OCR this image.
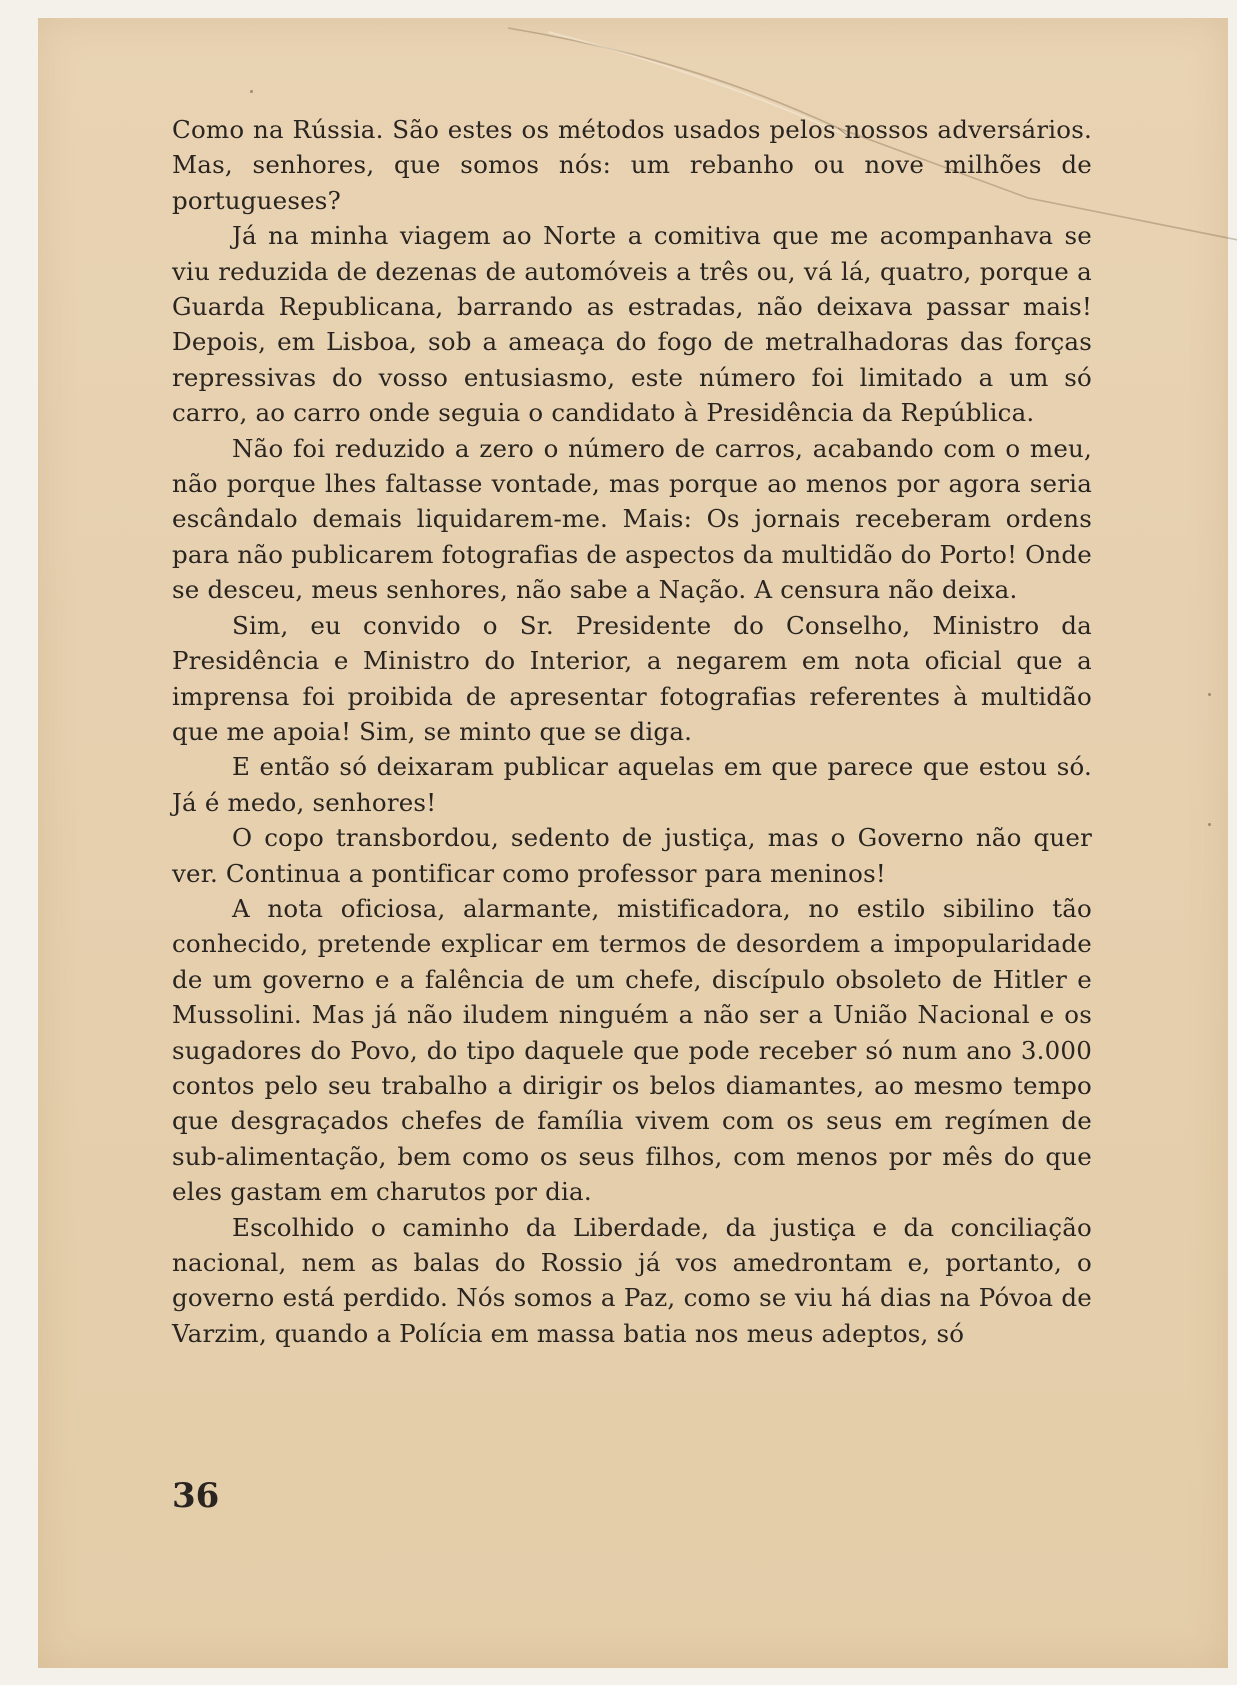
Como na Rússia. São estes os métodos usados pelos nossos adversários. Mas, senhores, que somos nós: um rebanho ou nove milhões de portugueses?

Já na minha viagem ao Norte a comitiva que me acompanhava se viu reduzida de dezenas de automóveis a três ou, vá lá, quatro, porque a Guarda Republicana, barrando as estradas, não deixava passar mais! Depois, em Lisboa, sob a ameaça do fogo de metralhadoras das forças repressivas do vosso entusiasmo, este número foi limitado a um só carro, ao carro onde seguia o candidato à Presidência da República.

Não foi reduzido a zero o número de carros, acabando com o meu, não porque lhes faltasse vontade, mas porque ao menos por agora seria escândalo demais liquidarem-me. Mais: Os jornais receberam ordens para não publicarem fotografias de aspectos da multidão do Porto! Onde se desceu, meus senhores, não sabe a Nação. A censura não deixa.

Sim, eu convido o Sr. Presidente do Conselho, Ministro da Presidência e Ministro do Interior, a negarem em nota oficial que a imprensa foi proibida de apresentar fotografias referentes à multidão que me apoia! Sim, se minto que se diga.

E então só deixaram publicar aquelas em que parece que estou só. Já é medo, senhores!

O copo transbordou, sedento de justiça, mas o Governo não quer ver. Continua a pontificar como professor para meninos!

A nota oficiosa, alarmante, mistificadora, no estilo sibilino tão conhecido, pretende explicar em termos de desordem a impopularidade de um governo e a falência de um chefe, discípulo obsoleto de Hitler e Mussolini. Mas já não iludem ninguém a não ser a União Nacional e os sugadores do Povo, do tipo daquele que pode receber só num ano 3.000 contos pelo seu trabalho a dirigir os belos diamantes, ao mesmo tempo que desgraçados chefes de família vivem com os seus em regímen de sub-alimentação, bem como os seus filhos, com menos por mês do que eles gastam em charutos por dia.

Escolhido o caminho da Liberdade, da justiça e da conciliação nacional, nem as balas do Rossio já vos amedrontam e, portanto, o governo está perdido. Nós somos a Paz, como se viu há dias na Póvoa de Varzim, quando a Polícia em massa batia nos meus adeptos, só

36
